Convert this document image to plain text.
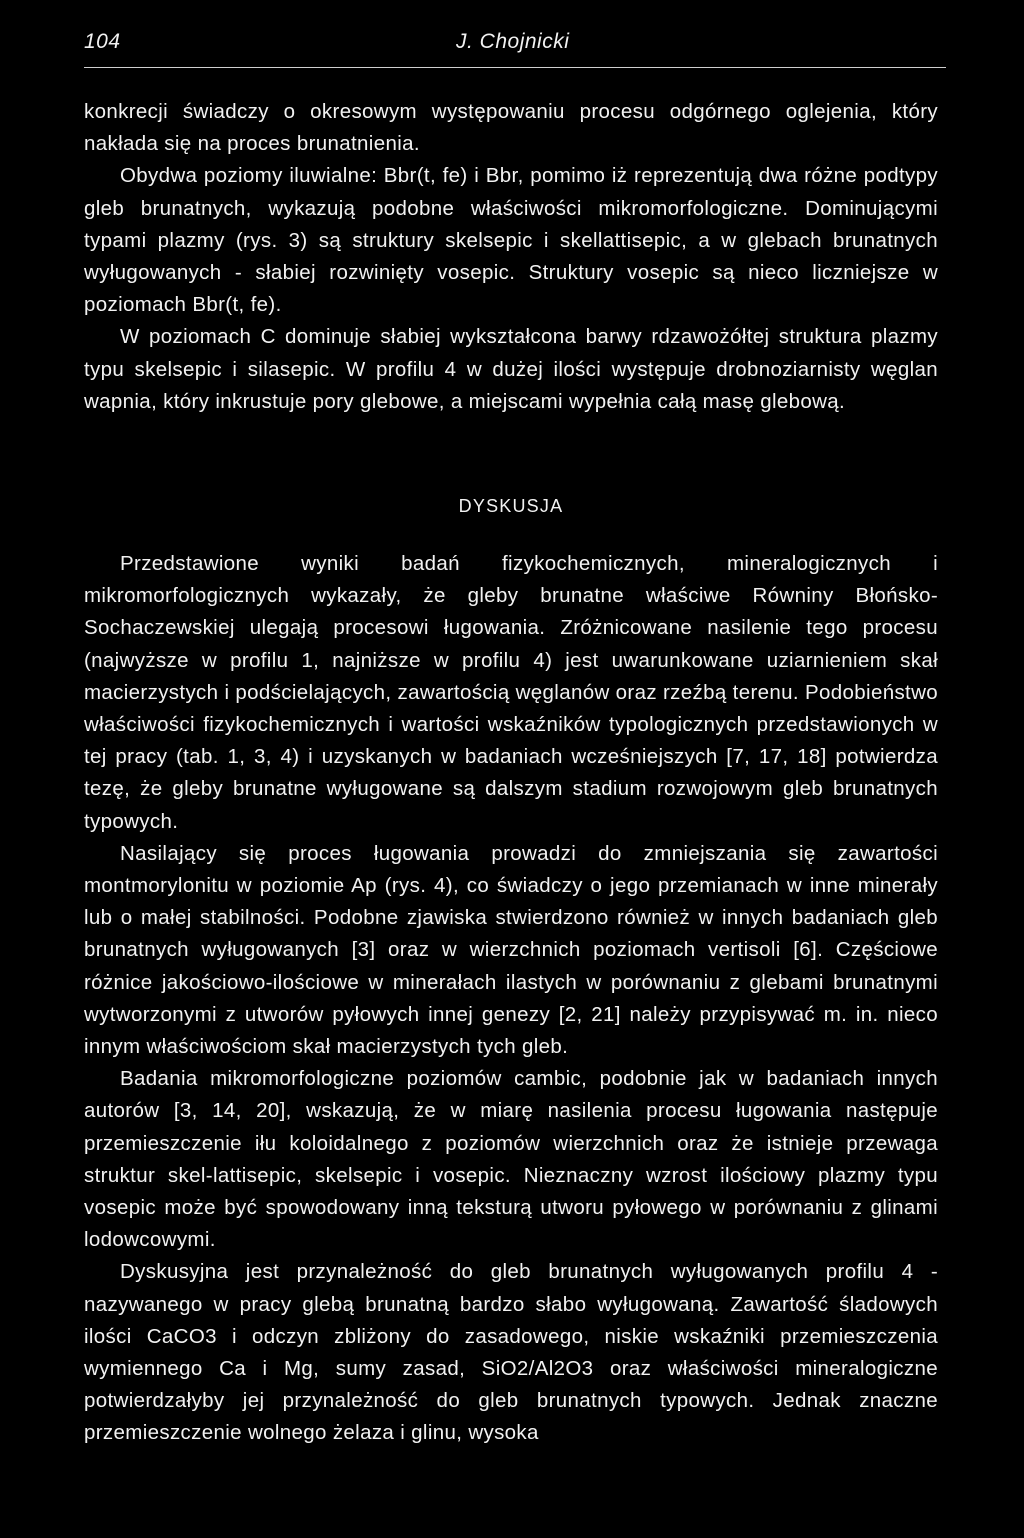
104	J. Chojnicki

konkrecji świadczy o okresowym występowaniu procesu odgórnego oglejenia, który nakłada się na proces brunatnienia.

Obydwa poziomy iluwialne: Bbr(t, fe) i Bbr, pomimo iż reprezentują dwa różne podtypy gleb brunatnych, wykazują podobne właściwości mikromorfologiczne. Dominującymi typami plazmy (rys. 3) są struktury skelsepic i skellattisepic, a w glebach brunatnych wyługowanych - słabiej rozwinięty vosepic. Struktury vosepic są nieco liczniejsze w poziomach Bbr(t, fe).

W poziomach C dominuje słabiej wykształcona barwy rdzawożółtej struktura plazmy typu skelsepic i silasepic. W profilu 4 w dużej ilości występuje drobnoziarnisty węglan wapnia, który inkrustuje pory glebowe, a miejscami wypełnia całą masę glebową.

DYSKUSJA

Przedstawione wyniki badań fizykochemicznych, mineralogicznych i mikromorfologicznych wykazały, że gleby brunatne właściwe Równiny Błońsko-Sochaczewskiej ulegają procesowi ługowania. Zróżnicowane nasilenie tego procesu (najwyższe w profilu 1, najniższe w profilu 4) jest uwarunkowane uziarnieniem skał macierzystych i podścielających, zawartością węglanów oraz rzeźbą terenu. Podobieństwo właściwości fizykochemicznych i wartości wskaźników typologicznych przedstawionych w tej pracy (tab. 1, 3, 4) i uzyskanych w badaniach wcześniejszych [7, 17, 18] potwierdza tezę, że gleby brunatne wyługowane są dalszym stadium rozwojowym gleb brunatnych typowych.

Nasilający się proces ługowania prowadzi do zmniejszania się zawartości montmorylonitu w poziomie Ap (rys. 4), co świadczy o jego przemianach w inne minerały lub o małej stabilności. Podobne zjawiska stwierdzono również w innych badaniach gleb brunatnych wyługowanych [3] oraz w wierzchnich poziomach vertisoli [6]. Częściowe różnice jakościowo-ilościowe w minerałach ilastych w porównaniu z glebami brunatnymi wytworzonymi z utworów pyłowych innej genezy [2, 21] należy przypisywać m. in. nieco innym właściwościom skał macierzystych tych gleb.

Badania mikromorfologiczne poziomów cambic, podobnie jak w badaniach innych autorów [3, 14, 20], wskazują, że w miarę nasilenia procesu ługowania następuje przemieszczenie iłu koloidalnego z poziomów wierzchnich oraz że istnieje przewaga struktur skel-lattisepic, skelsepic i vosepic. Nieznaczny wzrost ilościowy plazmy typu vosepic może być spowodowany inną teksturą utworu pyłowego w porównaniu z glinami lodowcowymi.

Dyskusyjna jest przynależność do gleb brunatnych wyługowanych profilu 4 - nazywanego w pracy glebą brunatną bardzo słabo wyługowaną. Zawartość śladowych ilości CaCO3 i odczyn zbliżony do zasadowego, niskie wskaźniki przemieszczenia wymiennego Ca i Mg, sumy zasad, SiO2/Al2O3 oraz właściwości mineralogiczne potwierdzałyby jej przynależność do gleb brunatnych typowych. Jednak znaczne przemieszczenie wolnego żelaza i glinu, wysoka
